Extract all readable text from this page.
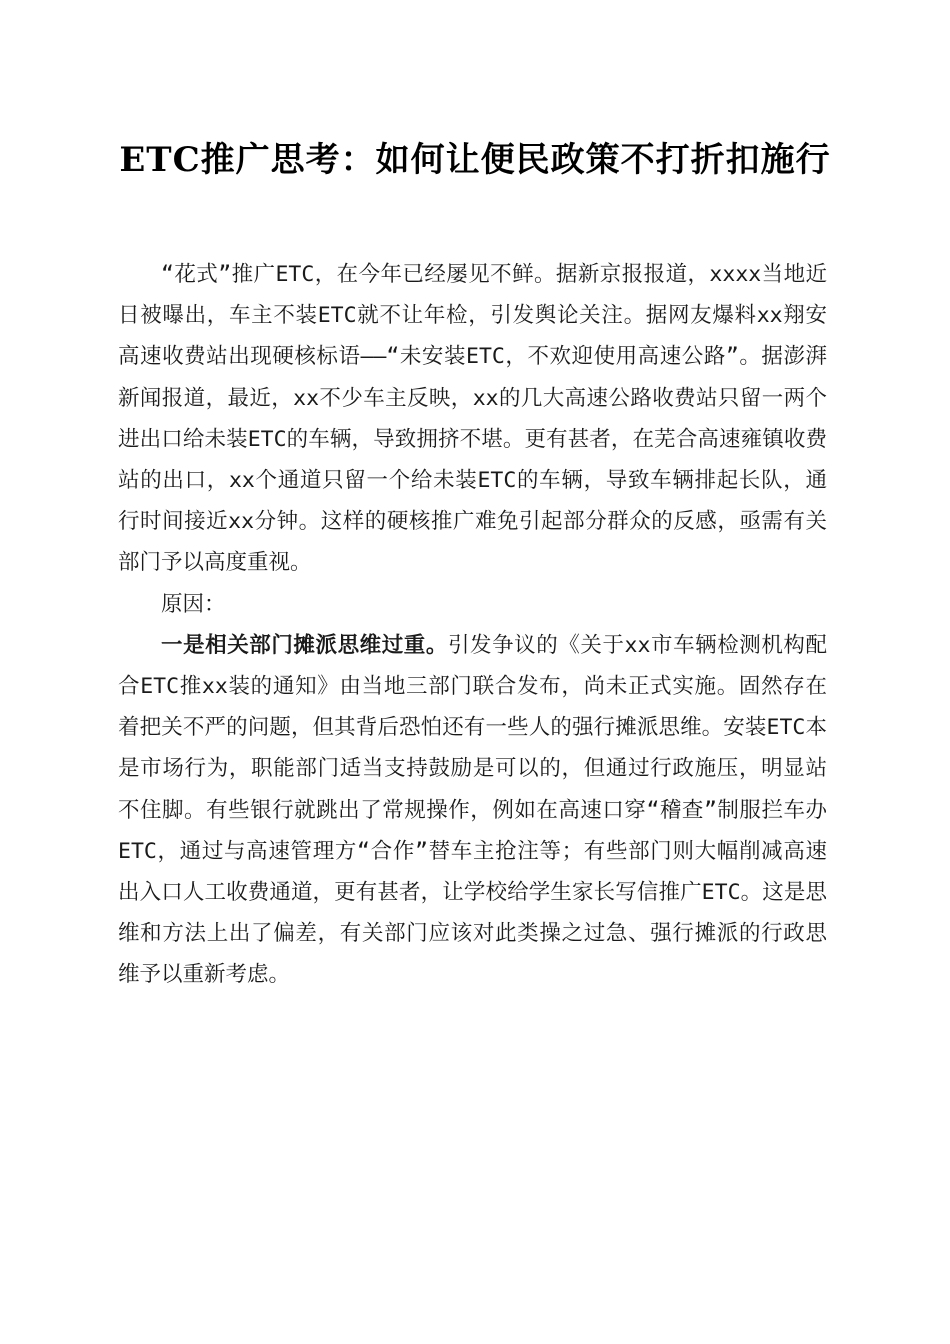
ETC推广思考：如何让便民政策不打折扣施行

“花式”推广ETC，在今年已经屡见不鲜。据新京报报道，xxxx当地近日被曝出，车主不装ETC就不让年检，引发舆论关注。据网友爆料xx翔安高速收费站出现硬核标语——“未安装ETC，不欢迎使用高速公路”。据澎湃新闻报道，最近，xx不少车主反映，xx的几大高速公路收费站只留一两个进出口给未装ETC的车辆，导致拥挤不堪。更有甚者，在芜合高速雍镇收费站的出口，xx个通道只留一个给未装ETC的车辆，导致车辆排起长队，通行时间接近xx分钟。这样的硬核推广难免引起部分群众的反感，亟需有关部门予以高度重视。

原因：

一是相关部门摊派思维过重。引发争议的《关于xx市车辆检测机构配合ETC推xx装的通知》由当地三部门联合发布，尚未正式实施。固然存在着把关不严的问题，但其背后恐怕还有一些人的强行摊派思维。安装ETC本是市场行为，职能部门适当支持鼓励是可以的，但通过行政施压，明显站不住脚。有些银行就跳出了常规操作，例如在高速口穿“稽查”制服拦车办ETC，通过与高速管理方“合作”替车主抢注等；有些部门则大幅削减高速出入口人工收费通道，更有甚者，让学校给学生家长写信推广ETC。这是思维和方法上出了偏差，有关部门应该对此类操之过急、强行摊派的行政思维予以重新考虑。
